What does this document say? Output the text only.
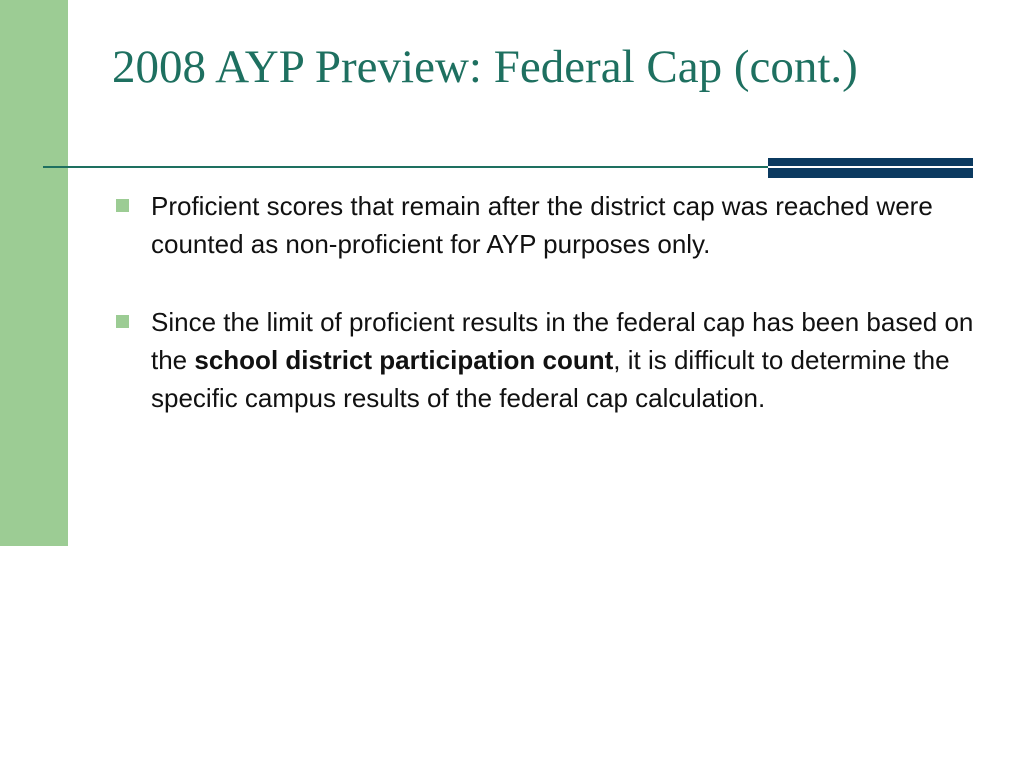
2008 AYP Preview: Federal Cap (cont.)
Proficient scores that remain after the district cap was reached were counted as non-proficient for AYP purposes only.
Since the limit of proficient results in the federal cap has been based on the school district participation count, it is difficult to determine the specific campus results of the federal cap calculation.
